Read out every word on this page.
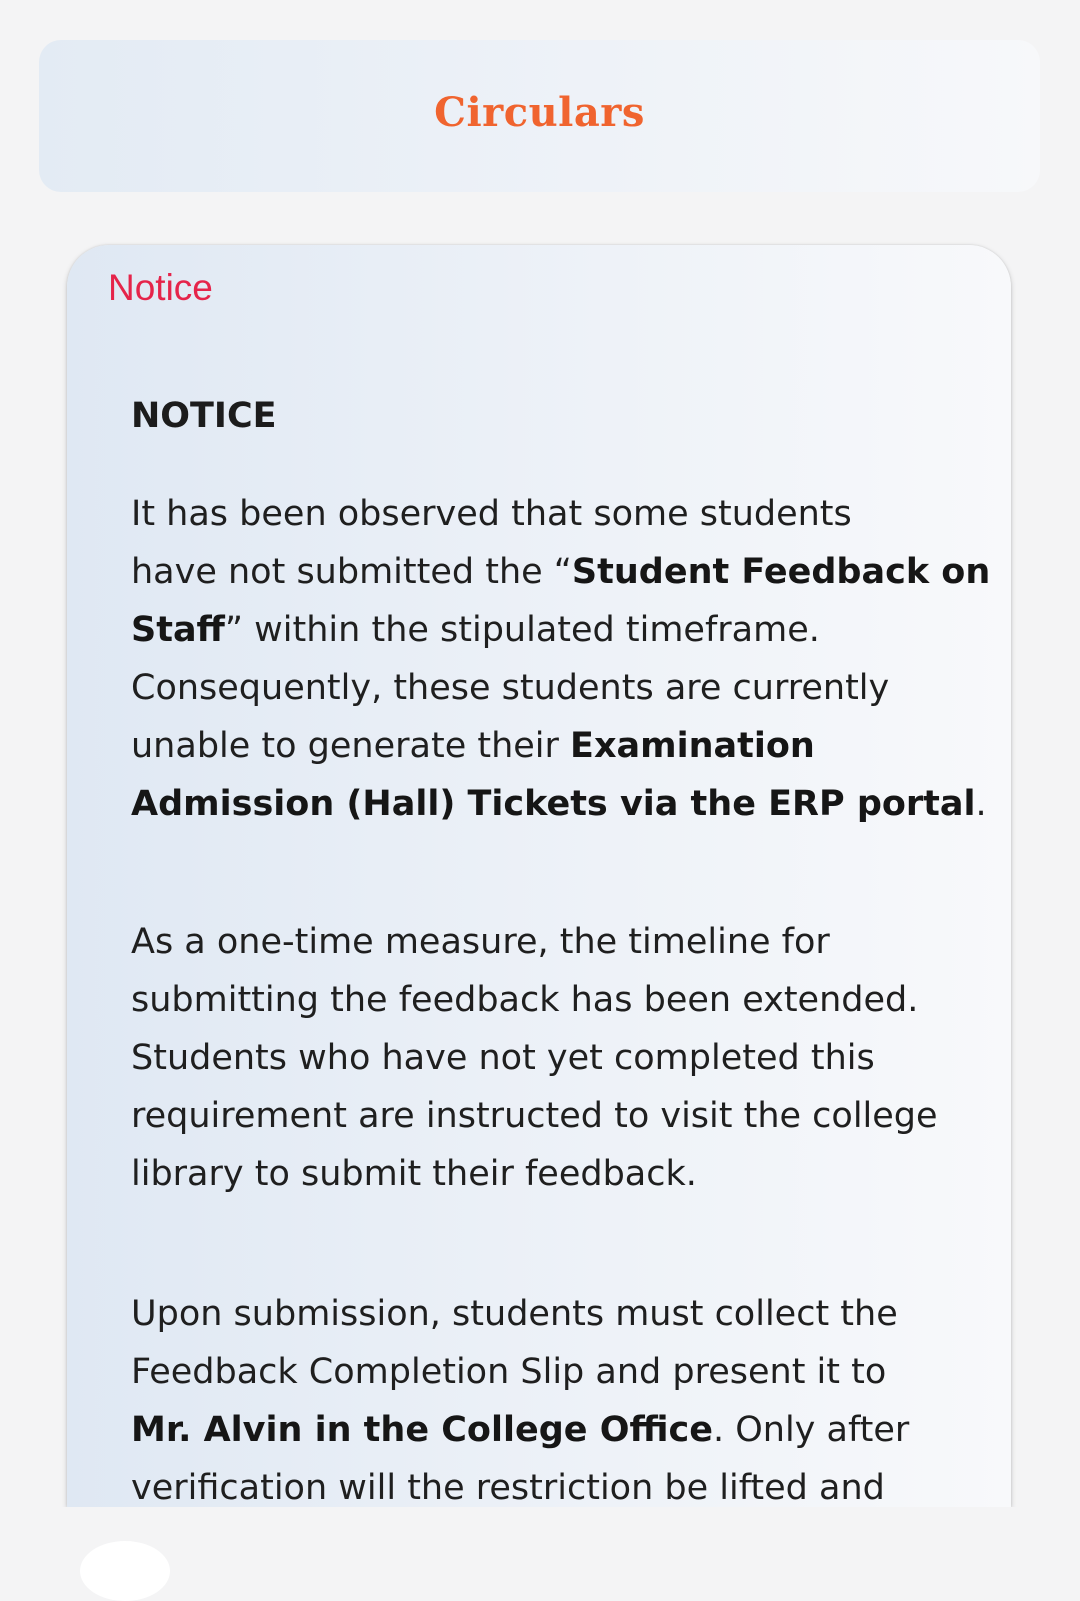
Circulars
Notice
NOTICE
It has been observed that some students
have not submitted the “Student Feedback on
Staff” within the stipulated timeframe.
Consequently, these students are currently
unable to generate their Examination
Admission (Hall) Tickets via the ERP portal.
As a one-time measure, the timeline for
submitting the feedback has been extended.
Students who have not yet completed this
requirement are instructed to visit the college
library to submit their feedback.
Upon submission, students must collect the
Feedback Completion Slip and present it to
Mr. Alvin in the College Office. Only after
verification will the restriction be lifted and
